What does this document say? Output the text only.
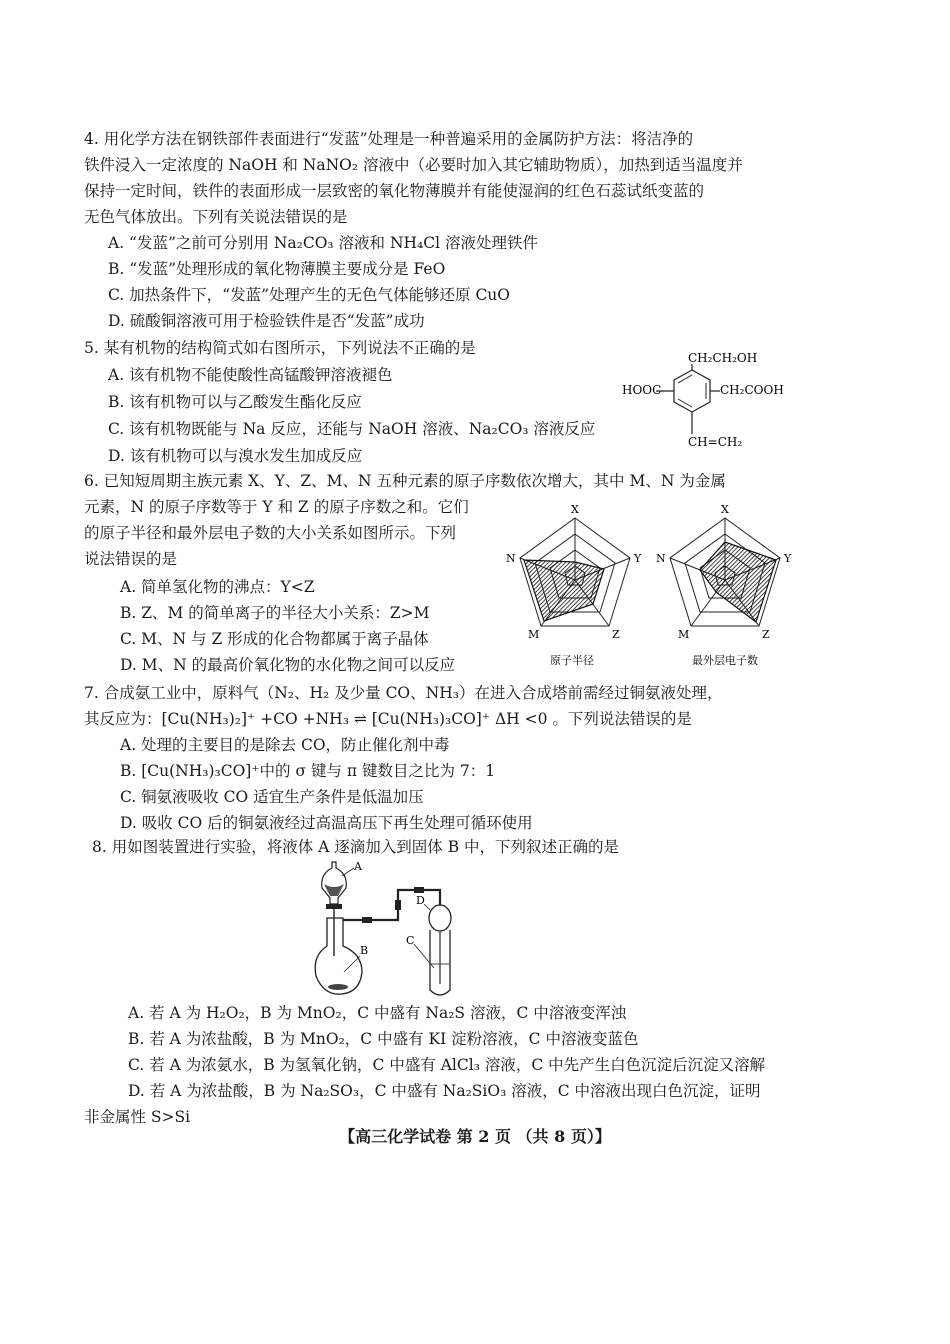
4. 用化学方法在钢铁部件表面进行“发蓝”处理是一种普遍采用的金属防护方法：将洁净的
铁件浸入一定浓度的 NaOH 和 NaNO₂ 溶液中（必要时加入其它辅助物质），加热到适当温度并
保持一定时间，铁件的表面形成一层致密的氧化物薄膜并有能使湿润的红色石蕊试纸变蓝的
无色气体放出。下列有关说法错误的是
A. “发蓝”之前可分别用 Na₂CO₃ 溶液和 NH₄Cl 溶液处理铁件
B. “发蓝”处理形成的氧化物薄膜主要成分是 FeO
C. 加热条件下，“发蓝”处理产生的无色气体能够还原 CuO
D. 硫酸铜溶液可用于检验铁件是否“发蓝”成功
5. 某有机物的结构简式如右图所示，下列说法不正确的是
A. 该有机物不能使酸性高锰酸钾溶液褪色
B. 该有机物可以与乙酸发生酯化反应
C. 该有机物既能与 Na 反应，还能与 NaOH 溶液、Na₂CO₃ 溶液反应
D. 该有机物可以与溴水发生加成反应
CH₂CH₂OH
HOOC	CH₂COOH
CH=CH₂
6. 已知短周期主族元素 X、Y、Z、M、N 五种元素的原子序数依次增大，其中 M、N 为金属
元素，N 的原子序数等于 Y 和 Z 的原子序数之和。它们
的原子半径和最外层电子数的大小关系如图所示。下列
说法错误的是
A. 简单氢化物的沸点：Y<Z
B. Z、M 的简单离子的半径大小关系：Z>M
C. M、N 与 Z 形成的化合物都属于离子晶体
D. M、N 的最高价氧化物的水化物之间可以反应
X
Y
Z
M
N
原子半径
X
Y
Z
M
N
最外层电子数
7. 合成氨工业中，原料气（N₂、H₂ 及少量 CO、NH₃）在进入合成塔前需经过铜氨液处理，
其反应为：[Cu(NH₃)₂]⁺ +CO +NH₃ ⇌ [Cu(NH₃)₃CO]⁺ ΔH <0 。下列说法错误的是
A. 处理的主要目的是除去 CO，防止催化剂中毒
B. [Cu(NH₃)₃CO]⁺中的 σ 键与 π 键数目之比为 7：1
C. 铜氨液吸收 CO 适宜生产条件是低温加压
D. 吸收 CO 后的铜氨液经过高温高压下再生处理可循环使用
8. 用如图装置进行实验，将液体 A 逐滴加入到固体 B 中，下列叙述正确的是
A
B
C
D
A. 若 A 为 H₂O₂，B 为 MnO₂，C 中盛有 Na₂S 溶液，C 中溶液变浑浊
B. 若 A 为浓盐酸，B 为 MnO₂，C 中盛有 KI 淀粉溶液，C 中溶液变蓝色
C. 若 A 为浓氨水，B 为氢氧化钠，C 中盛有 AlCl₃ 溶液，C 中先产生白色沉淀后沉淀又溶解
D. 若 A 为浓盐酸，B 为 Na₂SO₃，C 中盛有 Na₂SiO₃ 溶液，C 中溶液出现白色沉淀，证明
非金属性 S>Si
【高三化学试卷 第 2 页 （共 8 页）】
